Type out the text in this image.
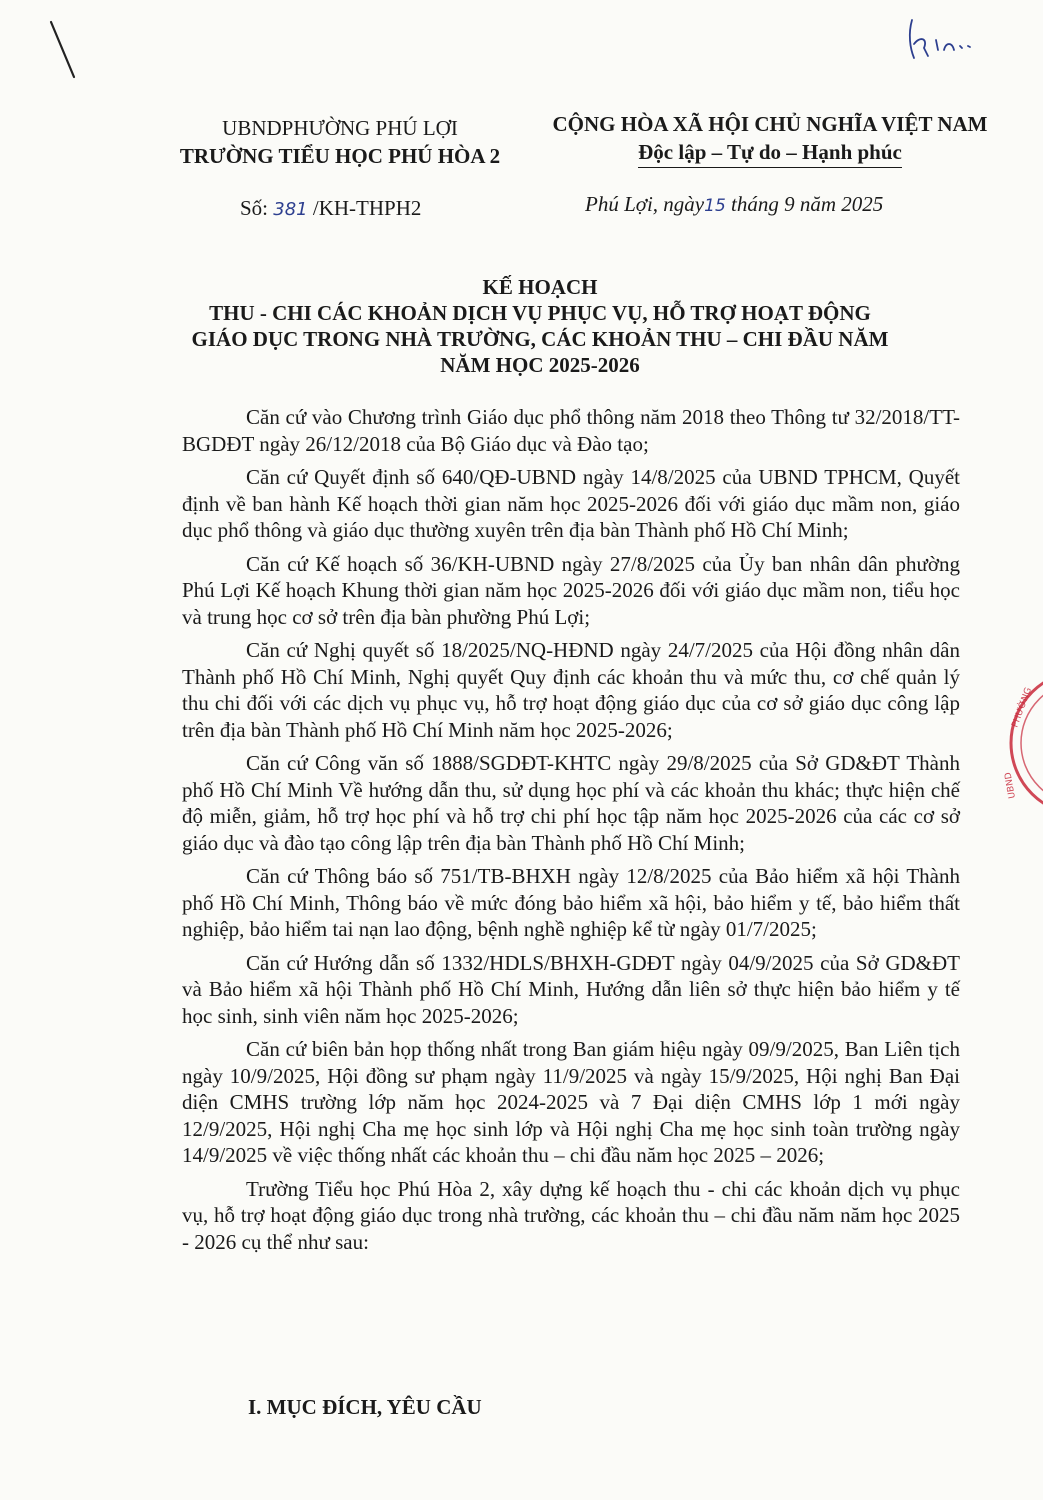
PHƯỜNG
UBND
UBNDPHƯỜNG PHÚ LỢI
TRƯỜNG TIỂU HỌC PHÚ HÒA 2
CỘNG HÒA XÃ HỘI CHỦ NGHĨA VIỆT NAM
Độc lập – Tự do – Hạnh phúc
Số: 381 /KH-THPH2	Phú Lợi, ngày15 tháng 9 năm 2025
KẾ HOẠCH
THU - CHI CÁC KHOẢN DỊCH VỤ PHỤC VỤ, HỖ TRỢ HOẠT ĐỘNG
GIÁO DỤC TRONG NHÀ TRƯỜNG, CÁC KHOẢN THU – CHI ĐẦU NĂM
NĂM HỌC 2025-2026

Căn cứ vào Chương trình Giáo dục phổ thông năm 2018 theo Thông tư 32/2018/TT-BGDĐT ngày 26/12/2018 của Bộ Giáo dục và Đào tạo;

Căn cứ Quyết định số 640/QĐ-UBND ngày 14/8/2025 của UBND TPHCM, Quyết định về ban hành Kế hoạch thời gian năm học 2025-2026 đối với giáo dục mầm non, giáo dục phổ thông và giáo dục thường xuyên trên địa bàn Thành phố Hồ Chí Minh;

Căn cứ Kế hoạch số 36/KH-UBND ngày 27/8/2025 của Ủy ban nhân dân phường Phú Lợi Kế hoạch Khung thời gian năm học 2025-2026 đối với giáo dục mầm non, tiểu học và trung học cơ sở trên địa bàn phường Phú Lợi;

Căn cứ Nghị quyết số 18/2025/NQ-HĐND ngày 24/7/2025 của Hội đồng nhân dân Thành phố Hồ Chí Minh, Nghị quyết Quy định các khoản thu và mức thu, cơ chế quản lý thu chi đối với các dịch vụ phục vụ, hỗ trợ hoạt động giáo dục của cơ sở giáo dục công lập trên địa bàn Thành phố Hồ Chí Minh năm học 2025-2026;

Căn cứ Công văn số 1888/SGDĐT-KHTC ngày 29/8/2025 của Sở GD&ĐT Thành phố Hồ Chí Minh Về hướng dẫn thu, sử dụng học phí và các khoản thu khác; thực hiện chế độ miễn, giảm, hỗ trợ học phí và hỗ trợ chi phí học tập năm học 2025-2026 của các cơ sở giáo dục và đào tạo công lập trên địa bàn Thành phố Hồ Chí Minh;

Căn cứ Thông báo số 751/TB-BHXH ngày 12/8/2025 của Bảo hiểm xã hội Thành phố Hồ Chí Minh, Thông báo về mức đóng bảo hiểm xã hội, bảo hiểm y tế, bảo hiểm thất nghiệp, bảo hiểm tai nạn lao động, bệnh nghề nghiệp kể từ ngày 01/7/2025;

Căn cứ Hướng dẫn số 1332/HDLS/BHXH-GDĐT ngày 04/9/2025 của Sở GD&ĐT và Bảo hiểm xã hội Thành phố Hồ Chí Minh, Hướng dẫn liên sở thực hiện bảo hiểm y tế học sinh, sinh viên năm học 2025-2026;

Căn cứ biên bản họp thống nhất trong Ban giám hiệu ngày 09/9/2025, Ban Liên tịch ngày 10/9/2025, Hội đồng sư phạm ngày 11/9/2025 và ngày 15/9/2025, Hội nghị Ban Đại diện CMHS trường lớp năm học 2024-2025 và 7 Đại diện CMHS lớp 1 mới ngày 12/9/2025, Hội nghị Cha mẹ học sinh lớp và Hội nghị Cha mẹ học sinh toàn trường ngày 14/9/2025 về việc thống nhất các khoản thu – chi đầu năm học 2025 – 2026;

Trường Tiểu học Phú Hòa 2, xây dựng kế hoạch thu - chi các khoản dịch vụ phục vụ, hỗ trợ hoạt động giáo dục trong nhà trường, các khoản thu – chi đầu năm năm học 2025 - 2026 cụ thể như sau:

I. MỤC ĐÍCH, YÊU CẦU
